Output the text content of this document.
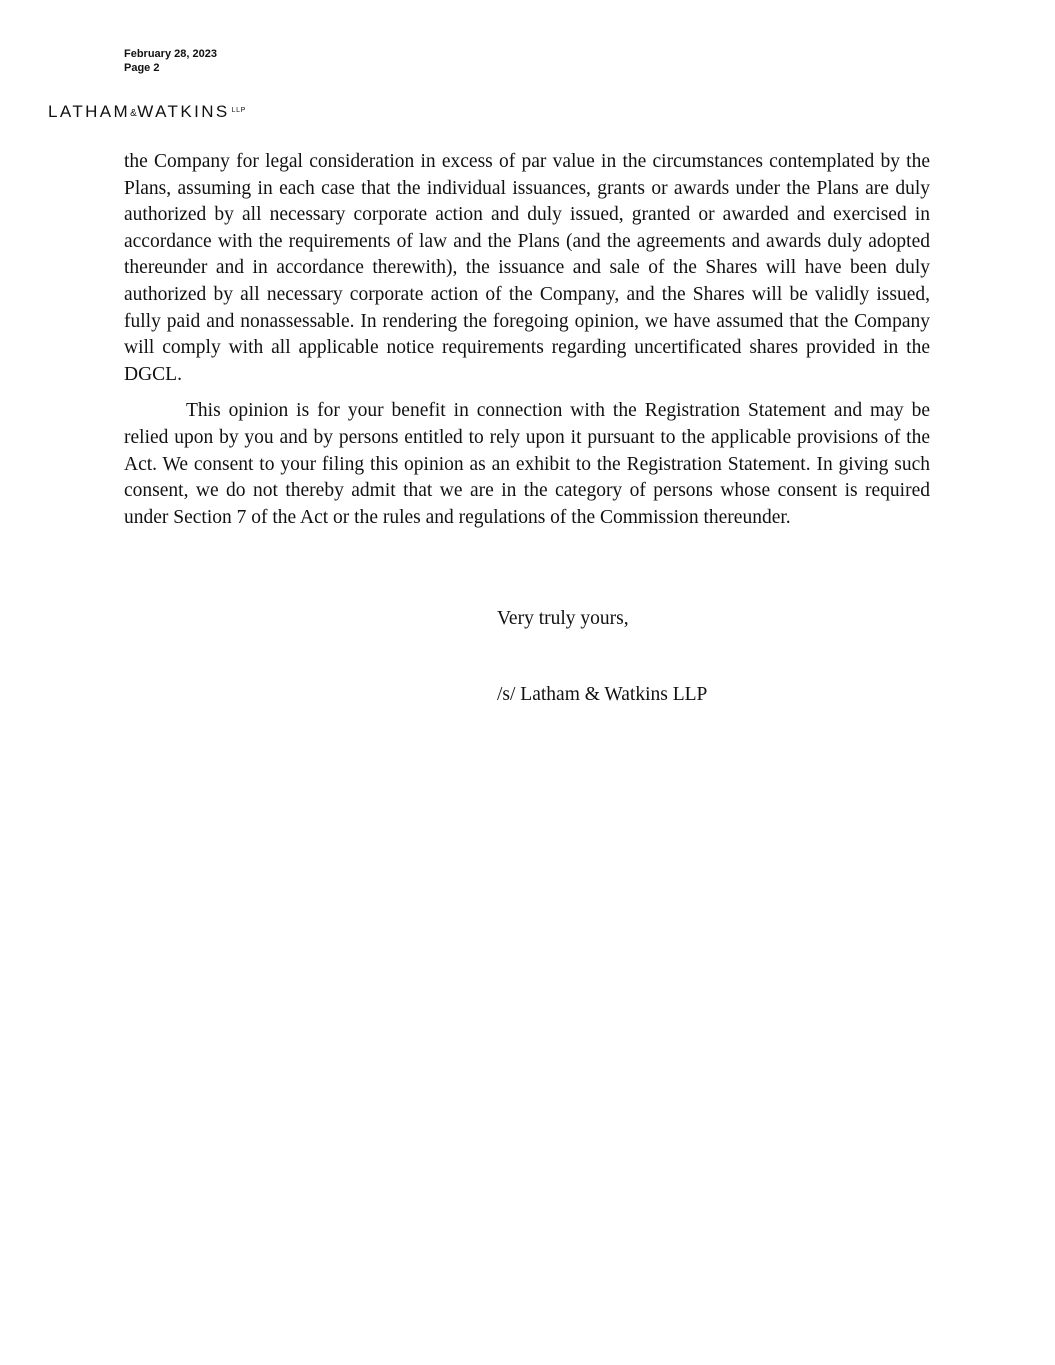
February 28, 2023
Page 2
LATHAM&WATKINS $^{LLP}$

the Company for legal consideration in excess of par value in the circumstances contemplated by the Plans, assuming in each case that the individual issuances, grants or awards under the Plans are duly authorized by all necessary corporate action and duly issued, granted or awarded and exercised in accordance with the requirements of law and the Plans (and the agreements and awards duly adopted thereunder and in accordance therewith), the issuance and sale of the Shares will have been duly authorized by all necessary corporate action of the Company, and the Shares will be validly issued, fully paid and nonassessable. In rendering the foregoing opinion, we have assumed that the Company will comply with all applicable notice requirements regarding uncertificated shares provided in the DGCL.

This opinion is for your benefit in connection with the Registration Statement and may be relied upon by you and by persons entitled to rely upon it pursuant to the applicable provisions of the Act. We consent to your filing this opinion as an exhibit to the Registration Statement. In giving such consent, we do not thereby admit that we are in the category of persons whose consent is required under Section 7 of the Act or the rules and regulations of the Commission thereunder.

Very truly yours,
/s/ Latham & Watkins LLP
